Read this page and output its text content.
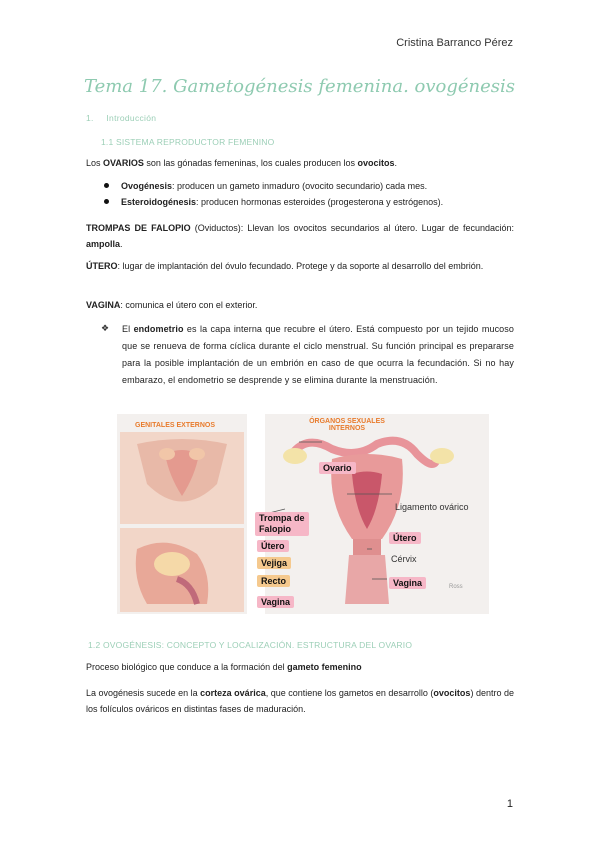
Cristina Barranco Pérez
Tema 17. Gametogénesis femenina. ovogénesis
1. Introducción
1.1 SISTEMA REPRODUCTOR FEMENINO
Los OVARIOS son las gónadas femeninas, los cuales producen los ovocitos.
Ovogénesis: producen un gameto inmaduro (ovocito secundario) cada mes.
Esteroidogénesis: producen hormonas esteroides (progesterona y estrógenos).
TROMPAS DE FALOPIO (Oviductos): Llevan los ovocitos secundarios al útero. Lugar de fecundación: ampolla.
ÚTERO: lugar de implantación del óvulo fecundado. Protege y da soporte al desarrollo del embrión.
VAGINA: comunica el útero con el exterior.
❖ El endometrio es la capa interna que recubre el útero. Está compuesto por un tejido mucoso que se renueva de forma cíclica durante el ciclo menstrual. Su función principal es prepararse para la posible implantación de un embrión en caso de que ocurra la fecundación. Si no hay embarazo, el endometrio se desprende y se elimina durante la menstruación.
GENITALES EXTERNOS
ÓRGANOS SEXUALES
INTERNOS
Ovario
Ligamento ovárico
Trompa de
Falopio
Útero
Vejiga
Recto
Vagina
Útero
Cérvix
Vagina	Ross
1.2 OVOGÉNESIS: CONCEPTO Y LOCALIZACIÓN. ESTRUCTURA DEL OVARIO
Proceso biológico que conduce a la formación del gameto femenino
La ovogénesis sucede en la corteza ovárica, que contiene los gametos en desarrollo (ovocitos) dentro de los folículos ováricos en distintas fases de maduración.
1
